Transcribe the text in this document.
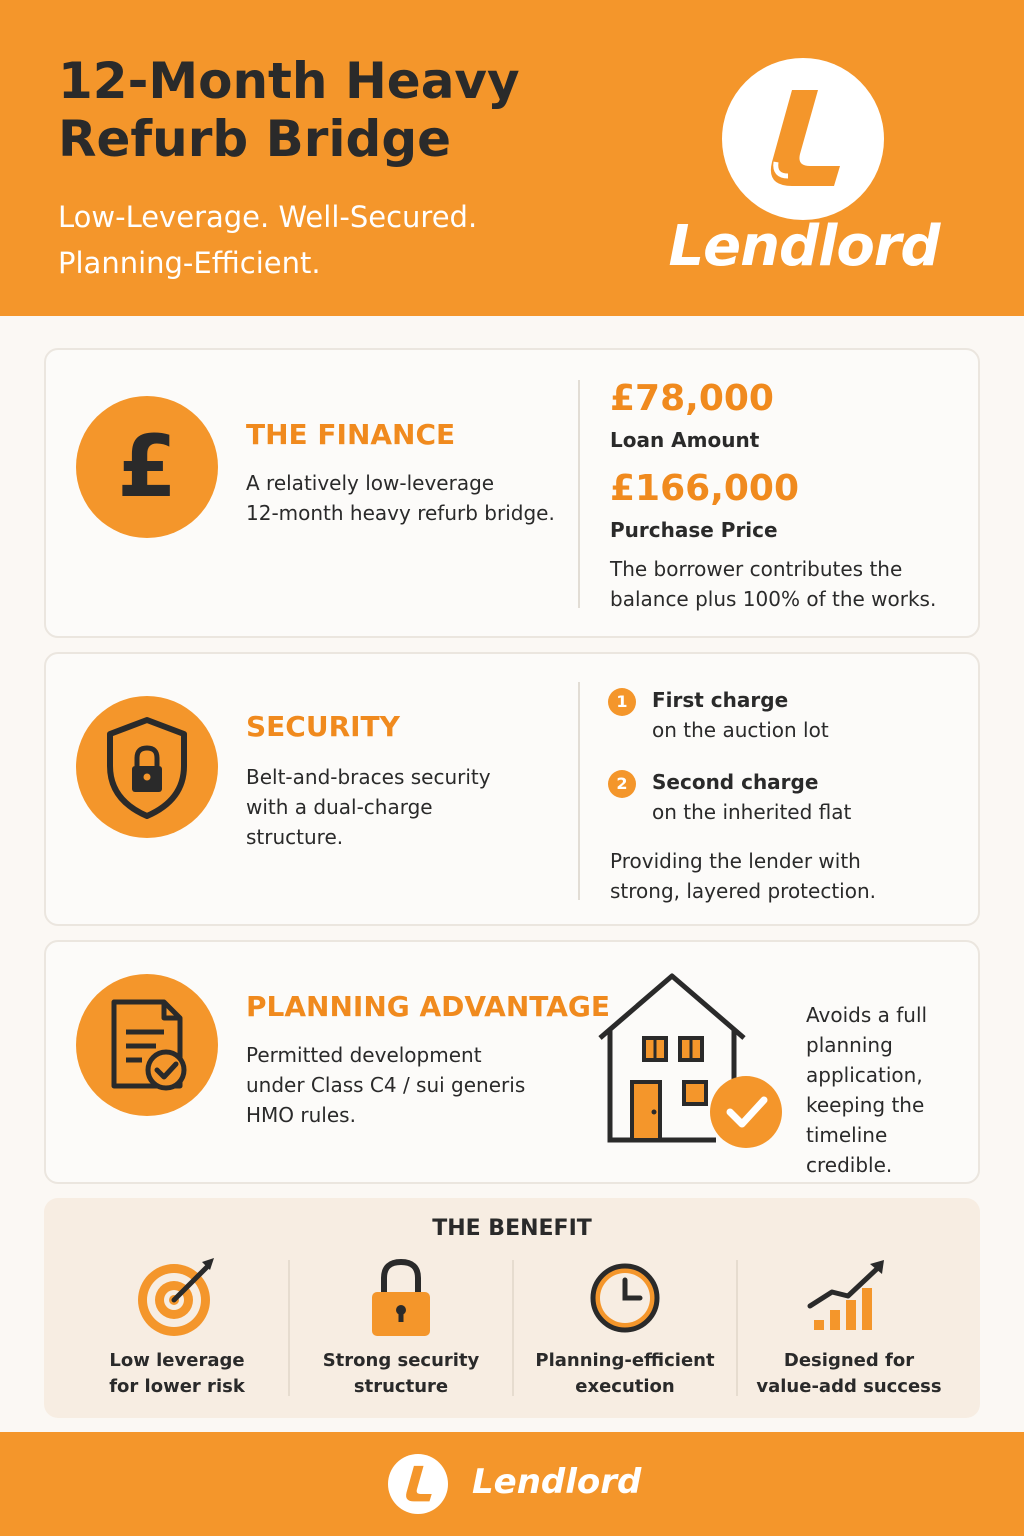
12-Month Heavy
Refurb Bridge
Low-Leverage. Well-Secured.
Planning-Efficient.	Lendlord
£ THE FINANCE
A relatively low-leverage
12-month heavy refurb bridge.
£78,000
Loan Amount
£166,000
Purchase Price
The borrower contributes the
balance plus 100% of the works.
SECURITY
Belt-and-braces security
with a dual-charge
structure.
1	First charge
on the auction lot
2	Second charge
on the inherited flat
Providing the lender with
strong, layered protection.
PLANNING ADVANTAGE
Permitted development
under Class C4 / sui generis
HMO rules.
Avoids a full
planning
application,
keeping the
timeline credible.
THE BENEFIT
Low leverage
for lower risk
Strong security
structure
Planning-efficient
execution
Designed for
value-add success
Lendlord
